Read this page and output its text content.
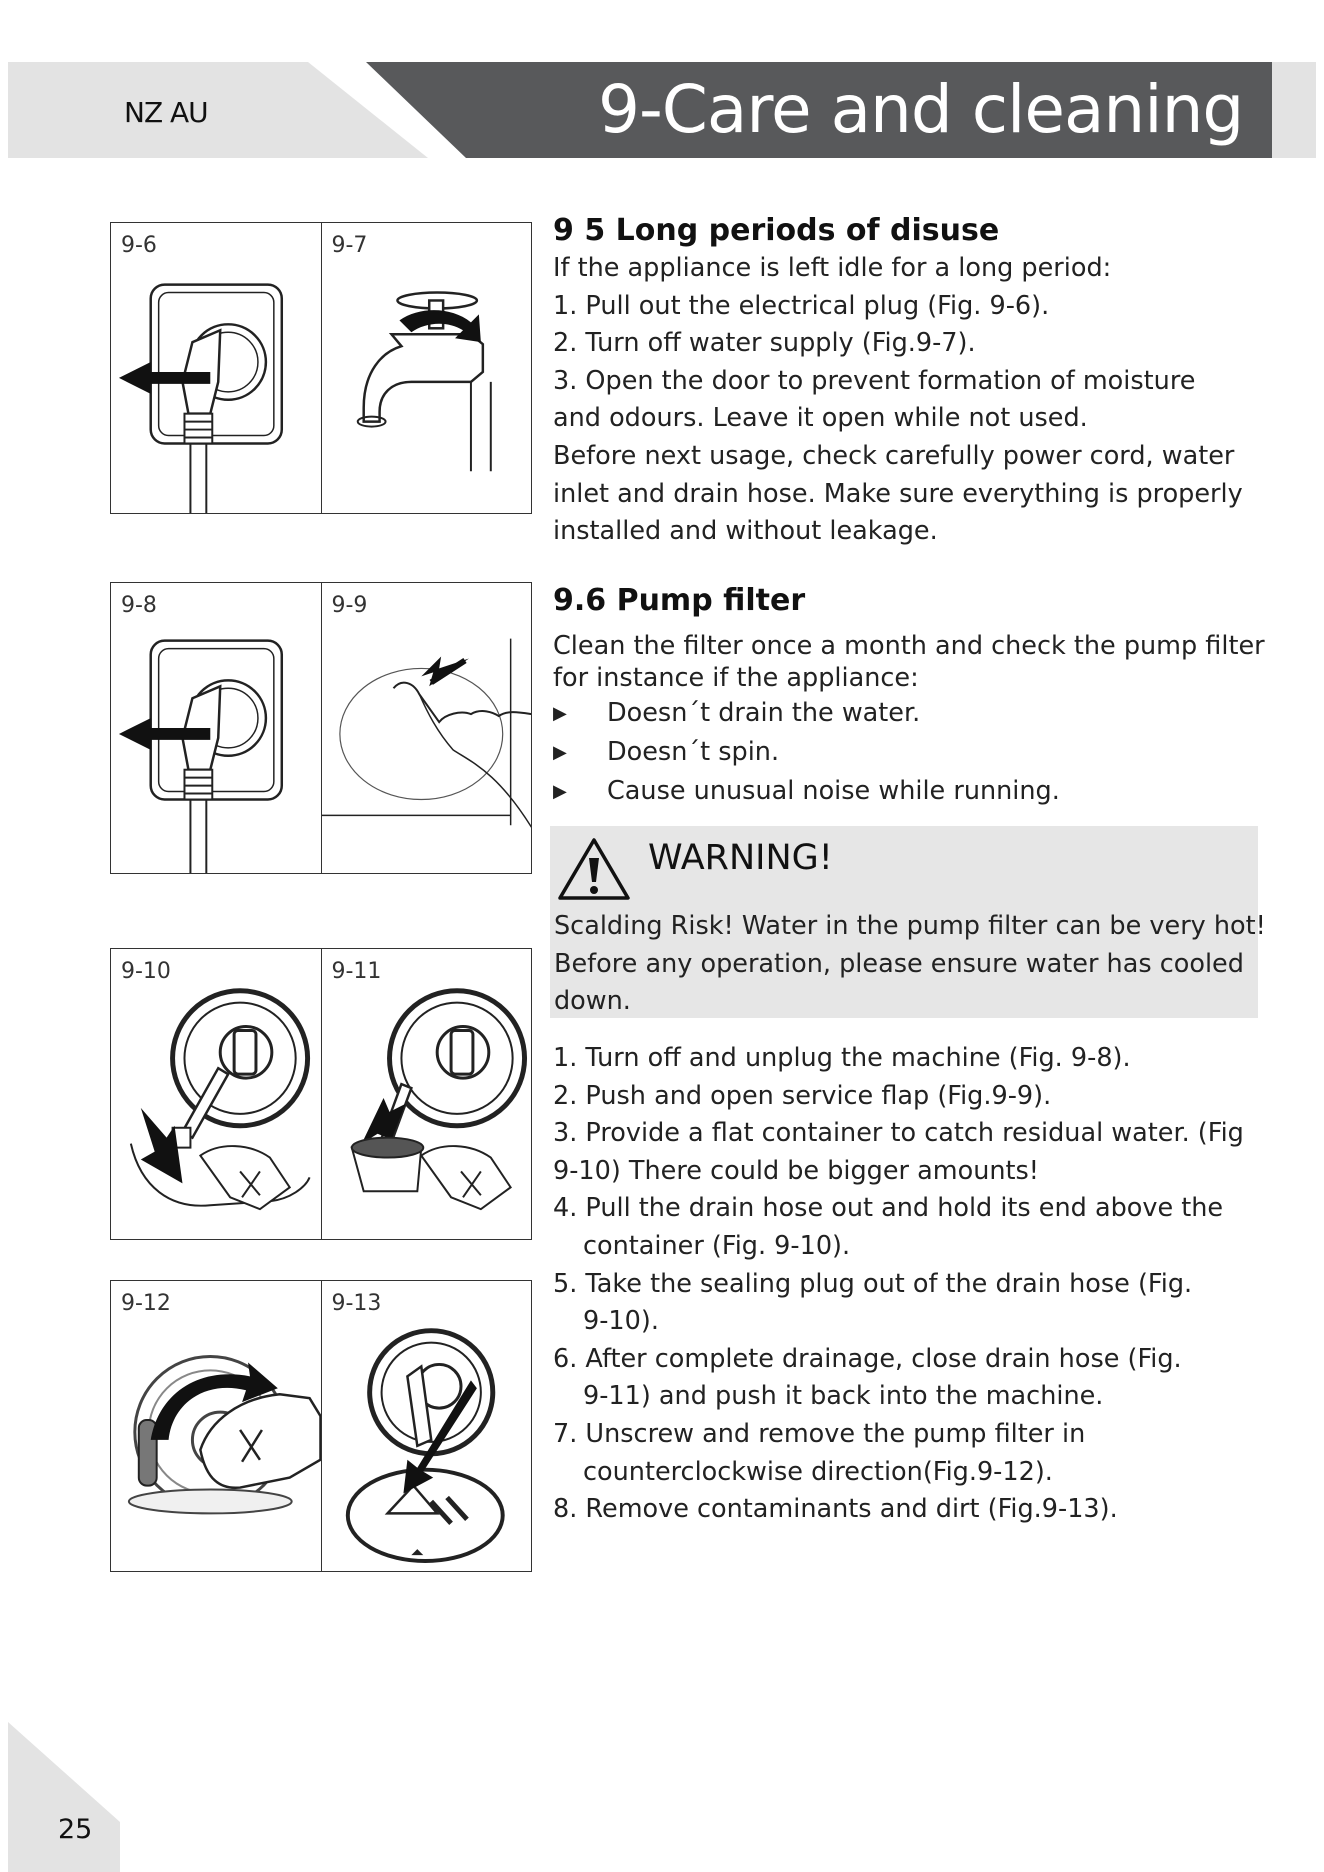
NZ AU	9-Care and cleaning
9-6	9-7
9-8	9-9
9-10	9-11
9-12	9-13

9 5 Long periods of disuse

If the appliance is left idle for a long period:

1. Pull out the electrical plug (Fig. 9-6).

2. Turn off water supply (Fig.9-7).

3. Open the door to prevent formation of moisture

and odours. Leave it open while not used.

Before next usage, check carefully power cord, water

inlet and drain hose. Make sure everything is properly

installed and without leakage.

9.6 Pump filter

Clean the filter once a month and check the pump filter

for instance if the appliance:

▶ Doesn´t drain the water.
▶ Doesn´t spin.
▶ Cause unusual noise while running.
WARNING!
Scalding Risk! Water in the pump filter can be very hot!
Before any operation, please ensure water has cooled
down.

1. Turn off and unplug the machine (Fig. 9-8).

2. Push and open service flap (Fig.9-9).

3. Provide a flat container to catch residual water. (Fig

9-10) There could be bigger amounts!

4. Pull the drain hose out and hold its end above the

container (Fig. 9-10).

5. Take the sealing plug out of the drain hose (Fig.

9-10).

6. After complete drainage, close drain hose (Fig.

9-11) and push it back into the machine.

7. Unscrew and remove the pump filter in

counterclockwise direction(Fig.9-12).

8. Remove contaminants and dirt (Fig.9-13).

25
